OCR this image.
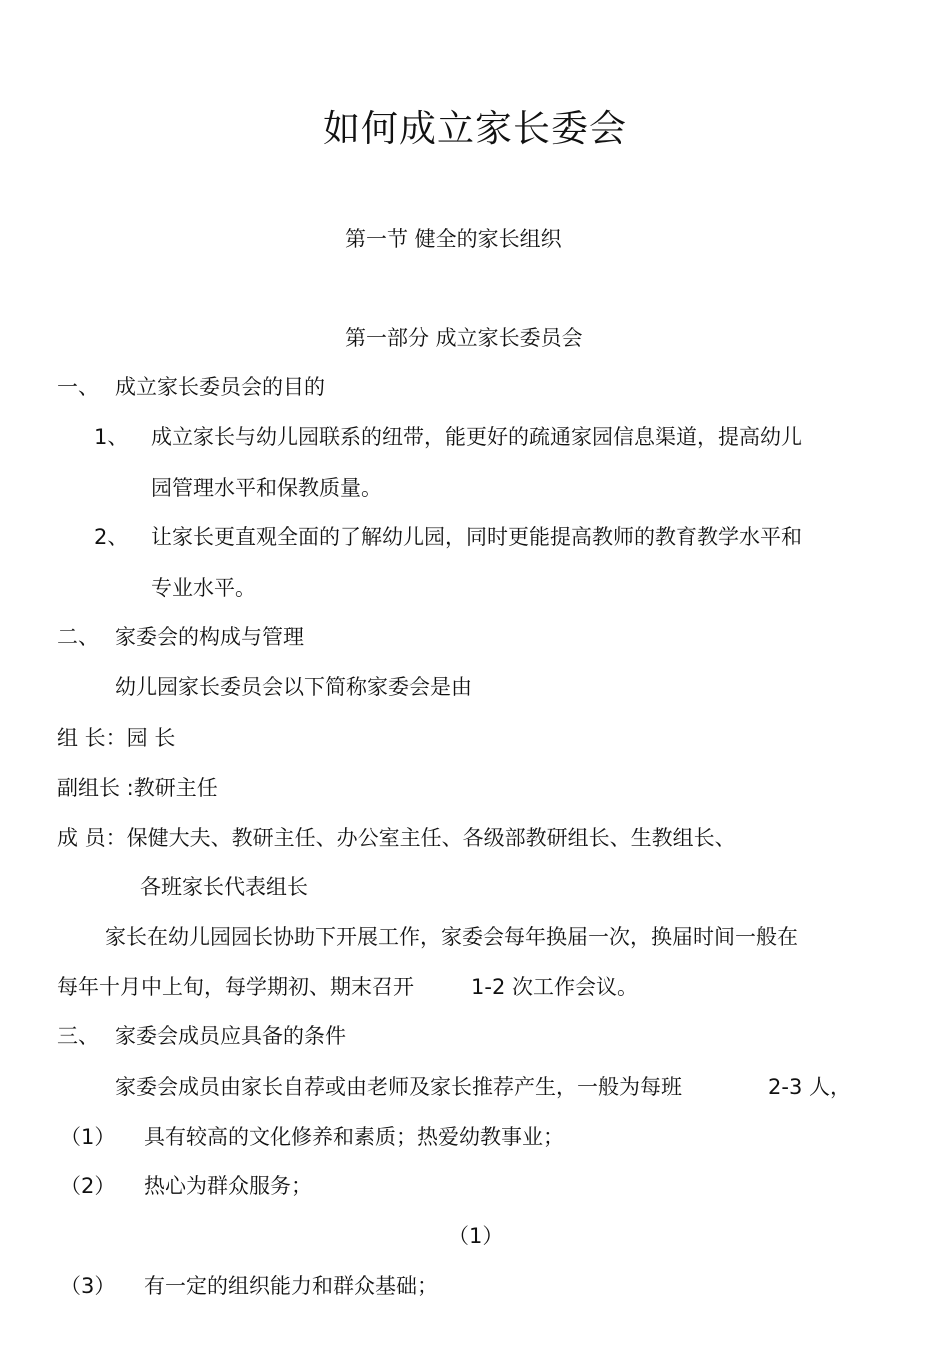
如何成立家长委会
第一节 健全的家长组织
第一部分 成立家长委员会
一、 成立家长委员会的目的
1、 成立家长与幼儿园联系的纽带，能更好的疏通家园信息渠道，提高幼儿
园管理水平和保教质量。
2、 让家长更直观全面的了解幼儿园，同时更能提高教师的教育教学水平和
专业水平。
二、 家委会的构成与管理
幼儿园家长委员会以下简称家委会是由
组 长：园 长
副组长 :教研主任
成 员：保健大夫、教研主任、办公室主任、各级部教研组长、生教组长、
各班家长代表组长
家长在幼儿园园长协助下开展工作，家委会每年换届一次，换届时间一般在
每年十月中上旬，每学期初、期末召开	1-2 次工作会议。
三、 家委会成员应具备的条件
家委会成员由家长自荐或由老师及家长推荐产生，一般为每班	2-3 人，
（1） 具有较高的文化修养和素质；热爱幼教事业；
（2） 热心为群众服务；
（1）
（3） 有一定的组织能力和群众基础；
